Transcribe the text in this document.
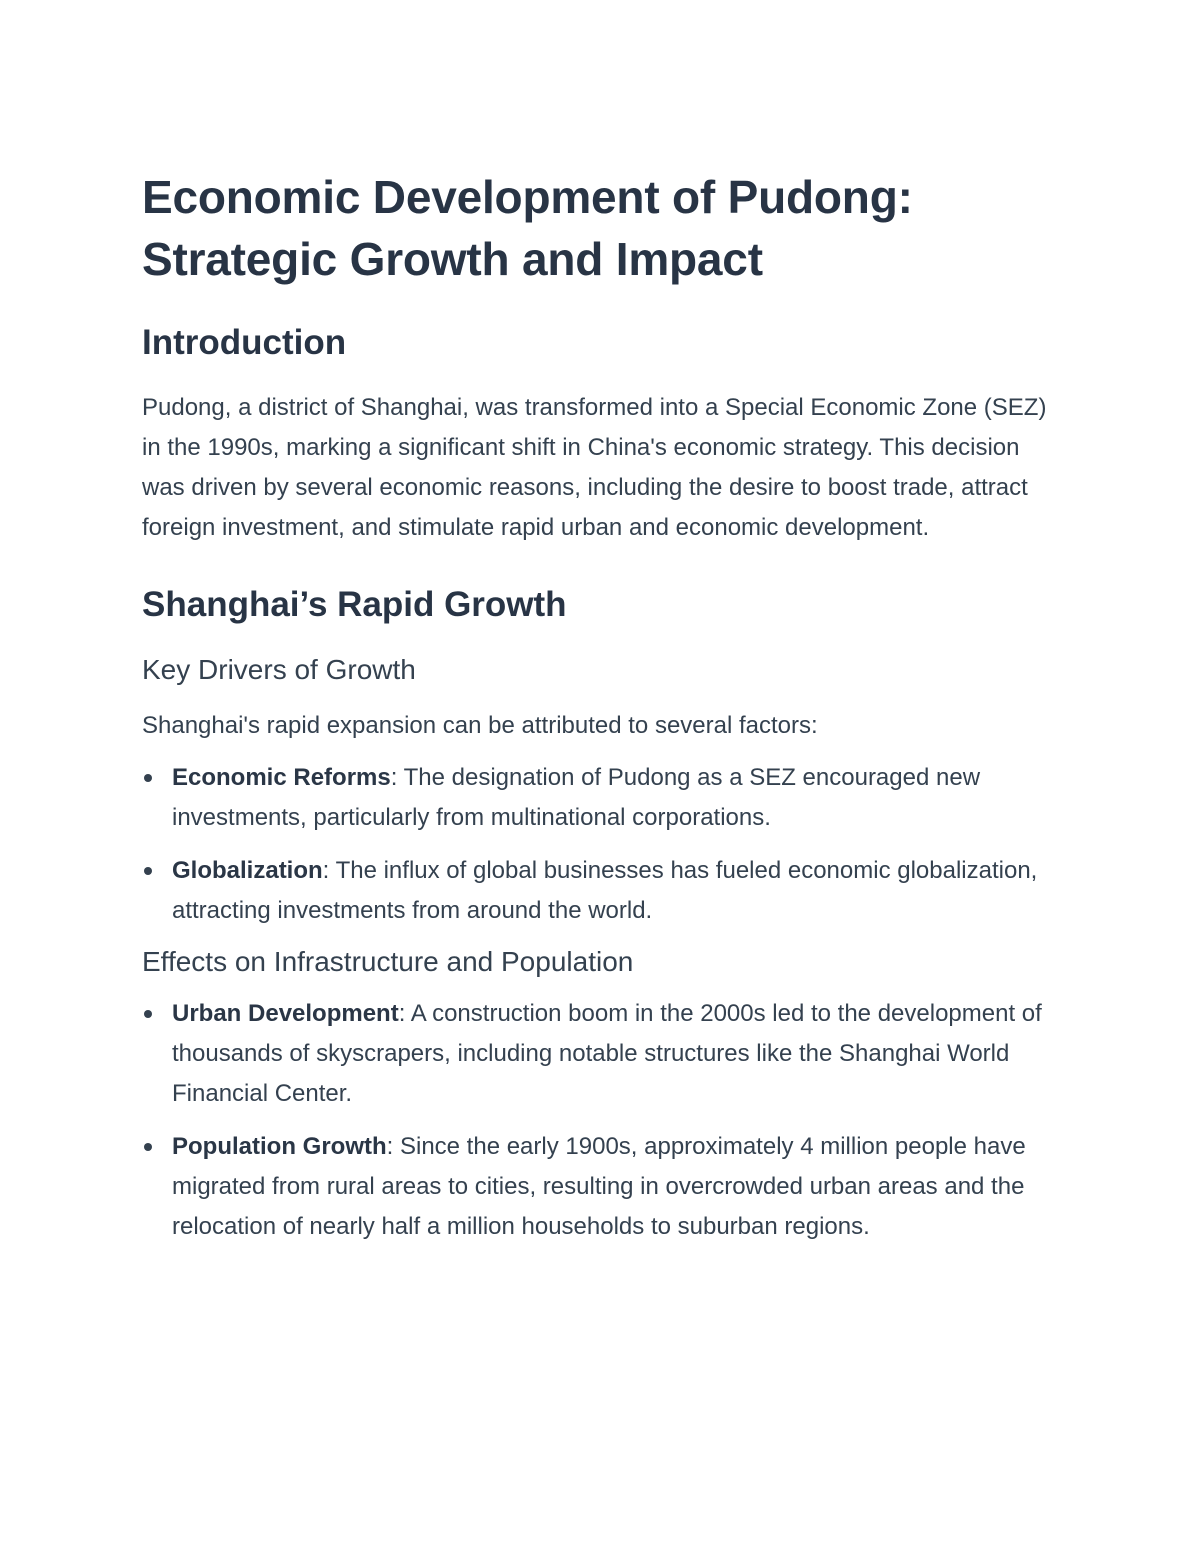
Economic Development of Pudong: Strategic Growth and Impact
Introduction

Pudong, a district of Shanghai, was transformed into a Special Economic Zone (SEZ) in the 1990s, marking a significant shift in China's economic strategy. This decision was driven by several economic reasons, including the desire to boost trade, attract foreign investment, and stimulate rapid urban and economic development.

Shanghai’s Rapid Growth
Key Drivers of Growth

Shanghai's rapid expansion can be attributed to several factors:

Economic Reforms: The designation of Pudong as a SEZ encouraged new investments, particularly from multinational corporations.
Globalization: The influx of global businesses has fueled economic globalization, attracting investments from around the world.
Effects on Infrastructure and Population
Urban Development: A construction boom in the 2000s led to the development of thousands of skyscrapers, including notable structures like the Shanghai World Financial Center.
Population Growth: Since the early 1900s, approximately 4 million people have migrated from rural areas to cities, resulting in overcrowded urban areas and the relocation of nearly half a million households to suburban regions.
